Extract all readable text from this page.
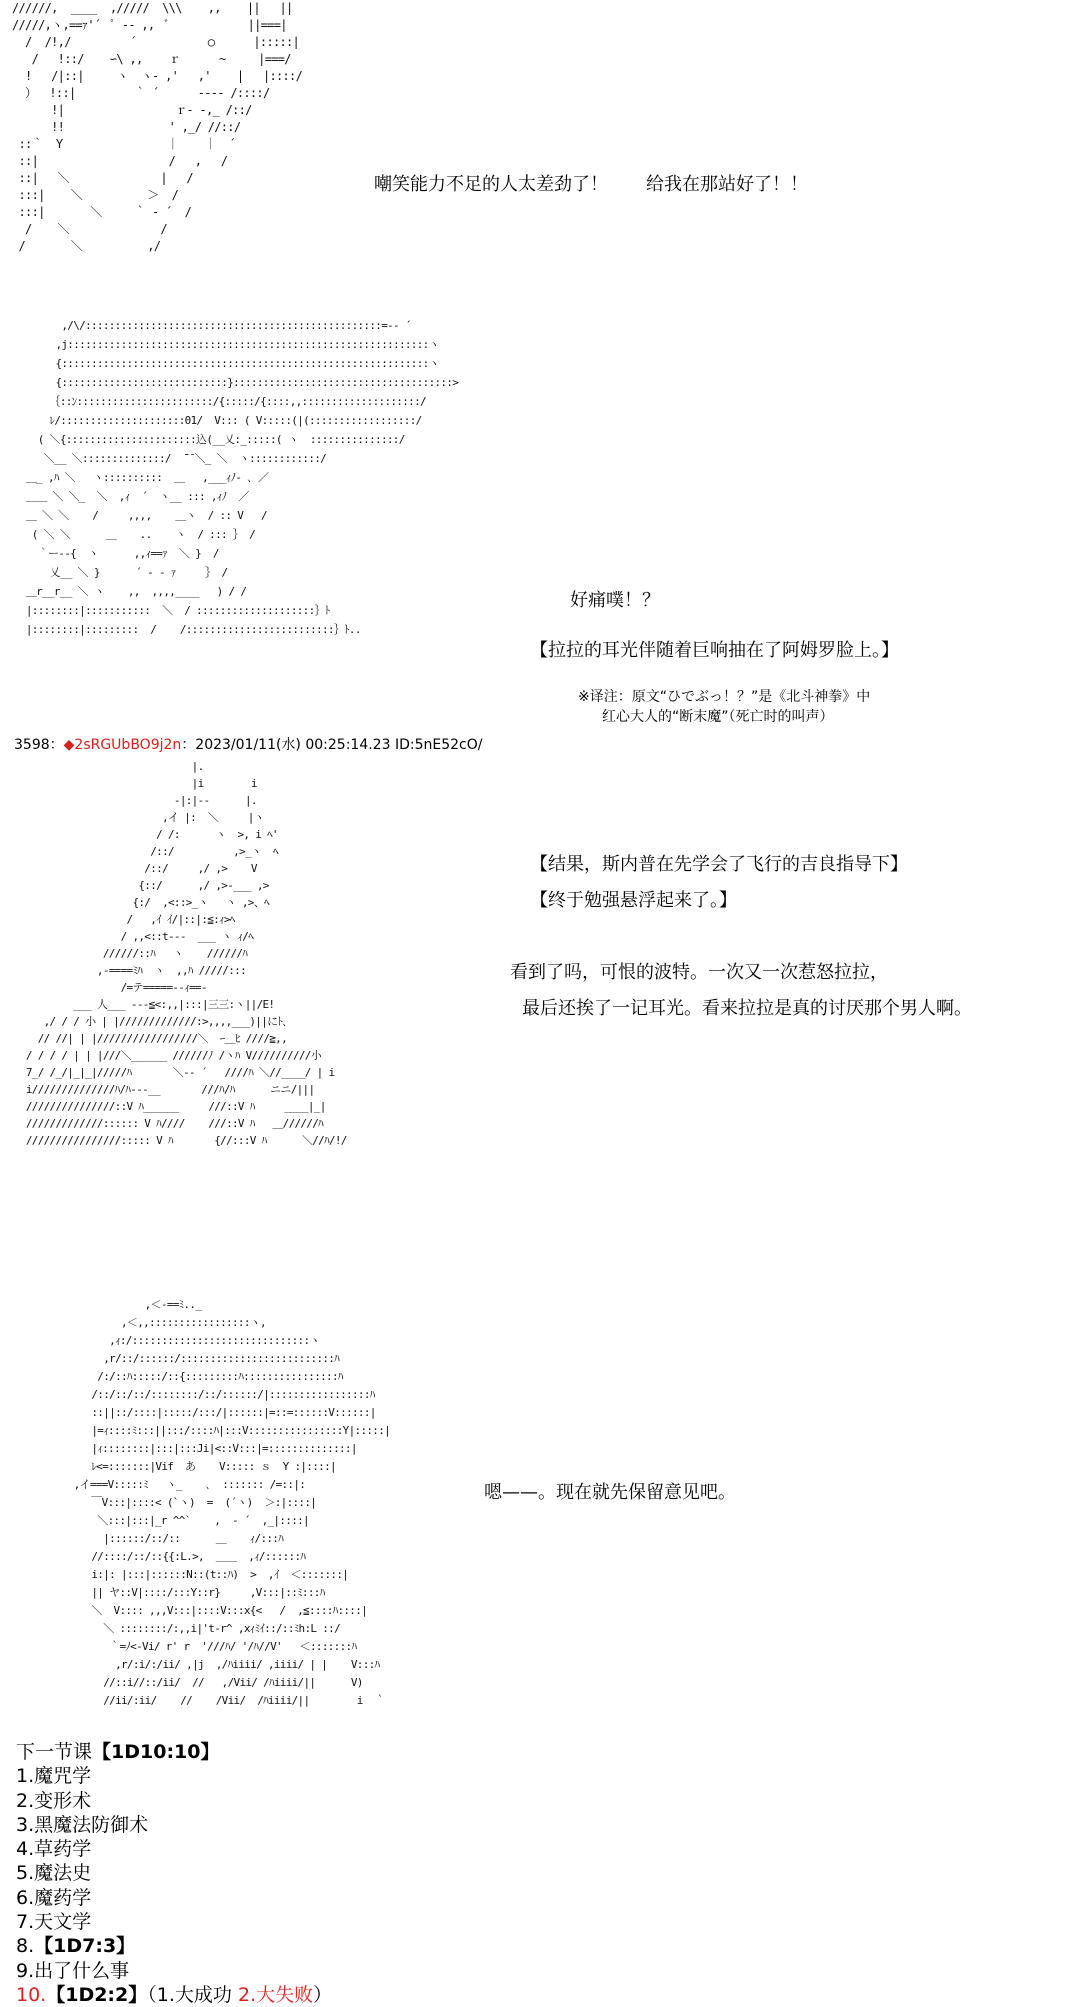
//////,  ____  ,/////  \\\    ,,    ||   ||
/////,ヽ,==ｧ'´  ﾟ -‐ ,,  ﾞ            ||===|
/  /!,/         ´           ○      |:::::|
/   !::/    ∽\ ,,    ｒ      ~     |===/
!   /|::|     ヽ  ヽ- ,'   ,'    |   |::::/
）  !::|         ｀ ´      ---- /::::/
!|                 ｒ- -,_ /::/
!!                ' ,_/ //::/
::｀  Y                ｜    ｜  ´
::|                    /   ,   /
::|   ＼              |   /
:::|    ＼          ＞  /
:::|       ＼     ｀ - ´  /
/    ＼              /
/       ＼          ,/
嘲笑能力不足的人太差劲了！ 给我在那站好了！！
,/\/::::::::::::::::::::::::::::::::::::::::::::::::::=-‐ ´
,j:::::::::::::::::::::::::::::::::::::::::::::::::::::::::::::ヽ
{::::::::::::::::::::::::::::::::::::::::::::::::::::::::::::::ヽ
{::::::::::::::::::::::::::::}:::::::::::::::::::::::::::::::::::::>
｛::ﾝ:::::::::::::::::::::::/{:::::/{::::,,::::::::::::::::::::/
ﾚ/:::::::::::::::::::::01/  V::: ( V:::::(|(::::::::::::::::::/
( ＼{::::::::::::::::::::::込(__乂:_:::::( ヽ  :::::::::::::::/
＼__ ＼::::::::::::::/  ̄̄ ̄ ＼_ ＼  ヽ::::::::::::/
＿_ ,ﾊ ＼   ヽ::::::::::  ＿   ,___ｨﾉ- ､ ／
＿＿ ＼ ＼_  ＼  ,ｨ  ´  ヽ__ ::: ,ｨﾉ  ／
＿ ＼ ＼    /     ,,,,    ＿ヽ  / :: V   /
( ＼ ＼      ＿    ..    ヽ  / ::: ｝ /
｀ー--{  ヽ      ,,ｨ==ｧ  ＼ }  /
乂__ ＼ }      ´ ‐ - ｧ     ｝ /
＿r__r__ ＼ ヽ    ,,  ,,,,____   ) / /
|::::::::|:::::::::::  ＼  / ::::::::::::::::::::｝ﾄ
|::::::::|:::::::::  /    /:::::::::::::::::::::::::｝ﾄ..
好痛噗！？
【拉拉的耳光伴随着巨响抽在了阿姆罗脸上。】
※译注：原文“ひでぶっ！？”是《北斗神拳》中
红心大人的“断末魔”（死亡时的叫声）
3598：◆2sRGUbBO9j2n：2023/01/11(水) 00:25:14.23 ID:5nE52cO/
|.
|i        i
-|:|--      |.
,イ |:  ＼     |ヽ
/ /:      ヽ  >, i ﾍ'
/::/          ,>_ヽ  ﾍ
/::/     ,/ ,>    V
{::/      ,/ ,>-___ ,>
{:/  ,<::>_ヽ   ヽ ,>、ﾍ
/   ,ｲ ｲ/|::|:≦:ｨ>ﾍ
/ ,,<::t---  ___ ヽ ｨ/ﾍ
//////::ﾊ   ヽ    //////ﾊ
,-====ﾐﾊ  ヽ  ,,ﾊ /////:::
/=テ=====--ｨ==-
___ 人___ ---≦<:,,|:::|三三:ヽ||/E!
,/ / / 小 | |/////////////:>,,,,___)||にﾄ､
// //| | |/////////////////＼  ｰ＿ﾋ ////≧,,
/ / / / | | |///＼______ //////ﾉ /ヽﾊ V//////////小
7_/ /_/|_|_|/////ﾊ       ＼-- ´   ////ﾊ ＼//____/ | i
i//////////////ﾊ/ﾊ---__       ///ﾊ/ﾊ      ニニ/|||
///////////////::V ﾊ______     ///::V ﾊ     ____|_|
/////////////:::::: V ﾊ////    ///::V ﾊ   ＿//////ﾊ
////////////////::::: V ﾊ       {//:::V ﾊ      ＼//ﾊ/!/
【结果，斯内普在先学会了飞行的吉良指导下】
【终于勉强悬浮起来了。】
看到了吗，可恨的波特。一次又一次惹怒拉拉，
最后还挨了一记耳光。看来拉拉是真的讨厌那个男人啊。
,＜-==ﾐ.._
,＜,,:::::::::::::::::ヽ,
,ｨ:/::::::::::::::::::::::::::::::ヽ
,r/::/::::::/::::::::::::::::::::::::::ﾊ
/:/::ﾊ:::::/::{:::::::::ﾊ::::::::::::::::ﾊ
/::/::/::/::::::::/::/::::::/|:::::::::::::::::ﾊ
::||::/::::|:::::/:::/|::::::|=::=::::::V::::::|
|=ｨ::::ﾐ:::||:::/::::ﾊ|:::V::::::::::::::::Y|:::::|
|ｨ::::::::|:::|:::Ji|<::V:::|=::::::::::::::|
ﾚ<=:::::::|Vif  あ    V::::: ｓ  Y :|::::|
,イ===V:::::ﾐ   ヽ_    ､  ::::::: /=::|:
￣V:::|::::< (`ヽ)  =  (´ヽ)  ＞:|::::|
＼:::|:::|_r ^^`    ,  ‐ ´  ,_|::::|
|::::::/::/::      ＿    ｨ/:::ﾊ
//::::/::/::{{:L.>,  ＿＿  ,ｨ/::::::ﾊ
i:|: |:::|::::::N::(t::ﾊ)  >  ,ｲ  ＜:::::::|
|| ヤ::V|::::/:::Y::r}     ,V:::|::ﾐ:::ﾊ
＼  V:::: ,,,V:::|::::V:::x{<   /  ,≦::::ﾊ::::|
＼ ::::::::/:,,i|'t-r^ ,xｨﾐｲ::/::ﾐh:L ::/
｀=ﾉ<-Vi/ r' r  '///ﾊ/ '/ﾊ//V'   ＜:::::::ﾊ
,r/:i/:/ii/ ,|j  ,/ﾊiiii/ ,iiii/ | |    V:::ﾊ
//::i//::/ii/  //   ,/Vii/ /ﾊiiii/||      V)
//ii/:ii/    //    /Vii/  /ﾊiiii/||        i  ｀
嗯——。现在就先保留意见吧。
下一节课【1D10:10】
1.魔咒学
2.变形术
3.黑魔法防御术
4.草药学
5.魔法史
6.魔药学
7.天文学
8.【1D7:3】
9.出了什么事
10.【1D2:2】（1.大成功 2.大失败）
